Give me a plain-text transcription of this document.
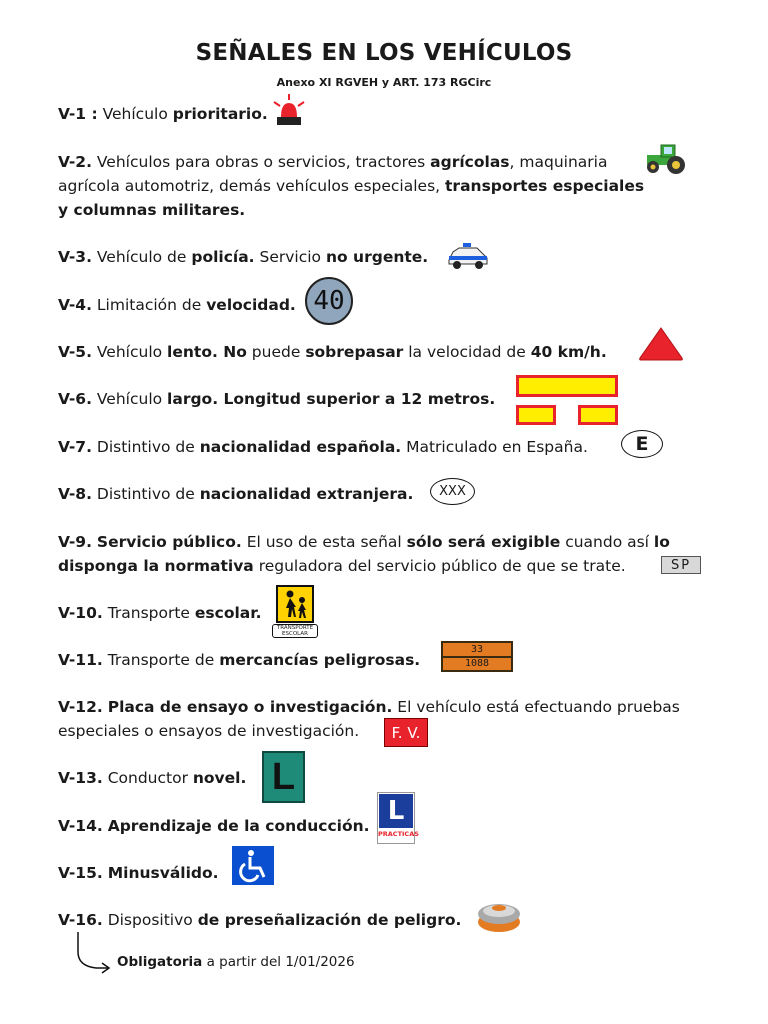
SEÑALES EN LOS VEHÍCULOS
Anexo XI RGVEH y ART. 173 RGCirc
V-1 : Vehículo prioritario.
V-2. Vehículos para obras o servicios, tractores agrícolas, maquinaria
agrícola automotriz, demás vehículos especiales, transportes especiales
y columnas militares.
V-3. Vehículo de policía. Servicio no urgente.
V-4. Limitación de velocidad.
V-5. Vehículo lento. No puede sobrepasar la velocidad de 40 km/h.
V-6. Vehículo largo. Longitud superior a 12 metros.
V-7. Distintivo de nacionalidad española. Matriculado en España.
V-8. Distintivo de nacionalidad extranjera.
V-9. Servicio público. El uso de esta señal sólo será exigible cuando así lo
disponga la normativa reguladora del servicio público de que se trate.
V-10. Transporte escolar.
V-11. Transporte de mercancías peligrosas.
V-12. Placa de ensayo o investigación. El vehículo está efectuando pruebas
especiales o ensayos de investigación.
V-13. Conductor novel.
V-14. Aprendizaje de la conducción.
V-15. Minusválido.
V-16. Dispositivo de preseñalización de peligro.
40
E
XXX
SP
TRANSPORTE ESCOLAR
33
1088
F. V.
L
L
PRACTICAS
Obligatoria a partir del 1/01/2026
